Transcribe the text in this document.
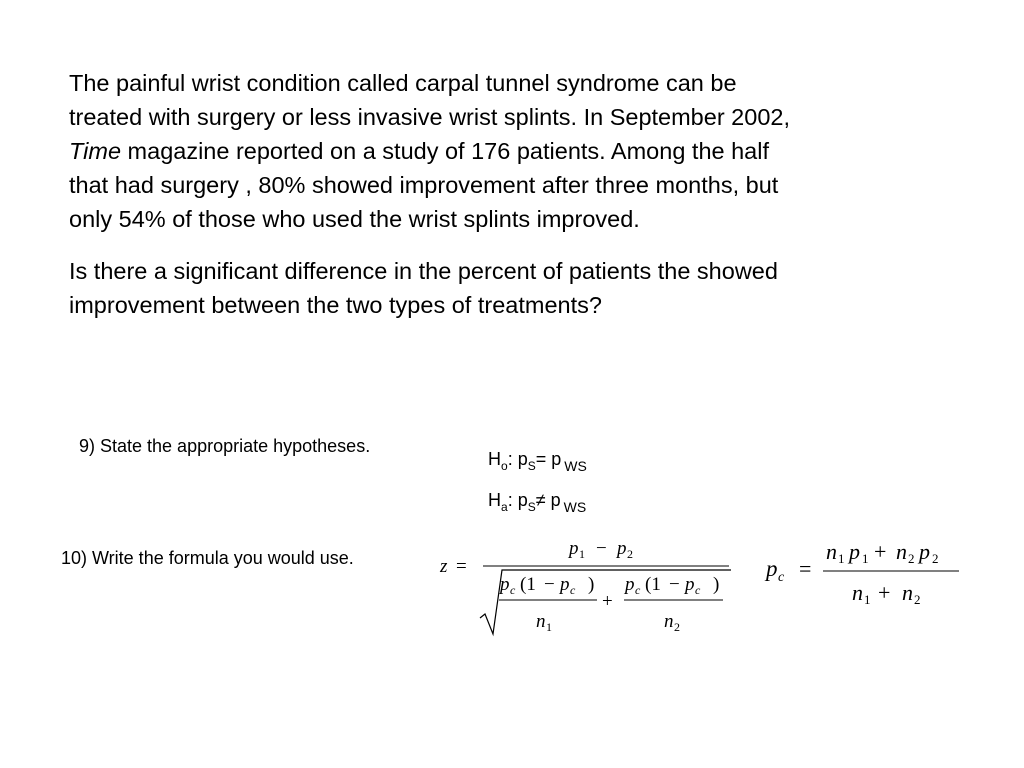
The painful wrist condition called carpal tunnel syndrome can be
treated with surgery or less invasive wrist splints. In September 2002,
Time magazine reported on a study of 176 patients. Among the half
that had surgery , 80% showed improvement after three months, but
only 54% of those who used the wrist splints improved.

Is there a significant difference in the percent of patients the showed
improvement between the two types of treatments?

9) State the appropriate hypotheses.
$H_o$: $p_S= p$ $_{WS}$
$H_a$: $p_S\ne p$ $_{WS}$
10) Write the formula you would use.	z =
p 1 − p 2
p c (1 − p c )
n 1
+
p c (1 − p c )
n 2
p c =
n 1 p 1 + n 2 p 2
n 1 + n 2
